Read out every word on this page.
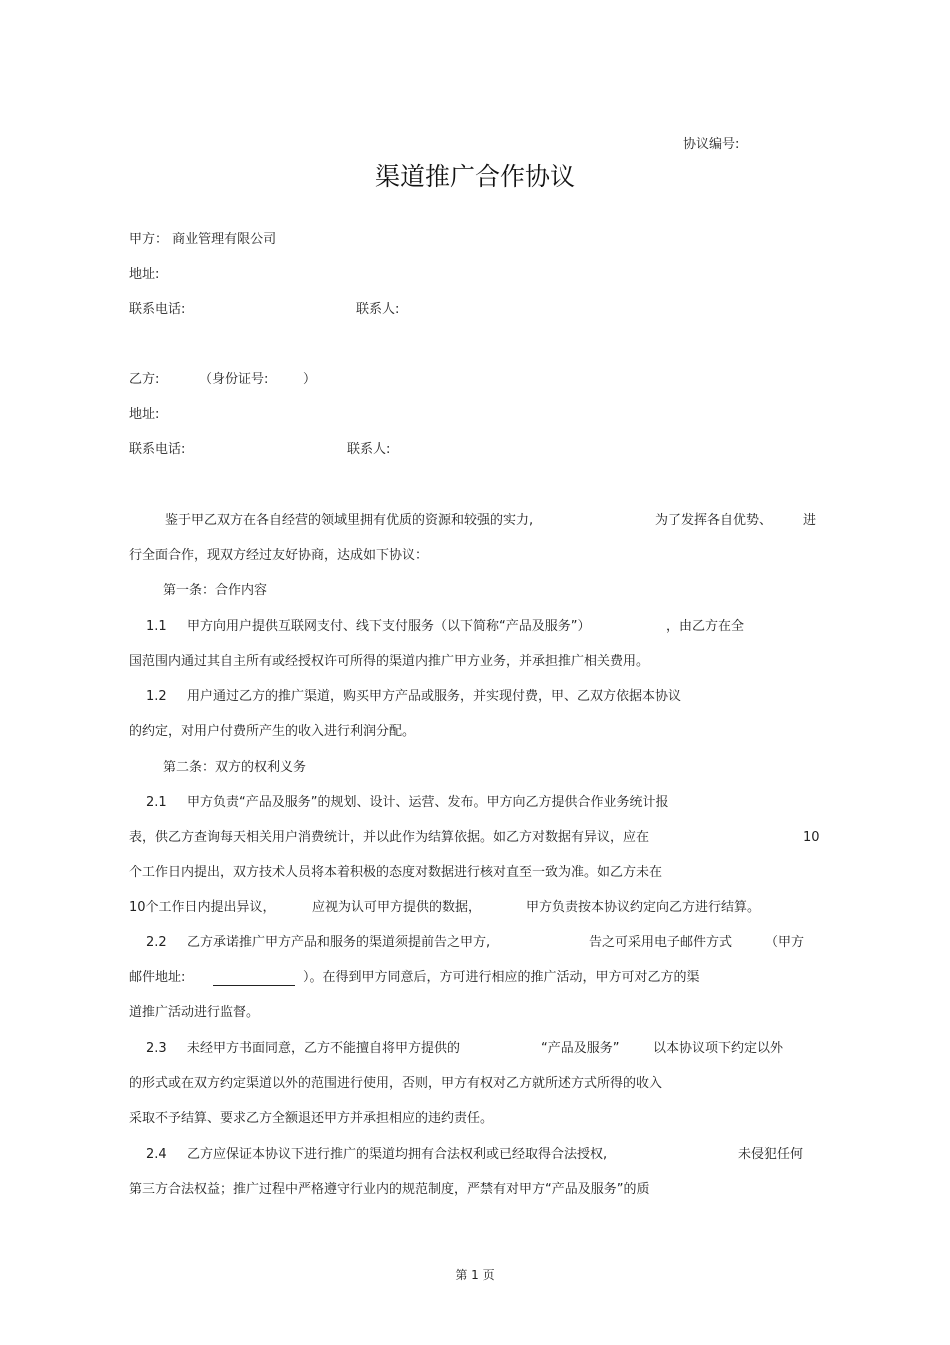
协议编号:
渠道推广合作协议
甲方： 商业管理有限公司
地址:
联系电话:	联系人:
乙方:	（身份证号:	）
地址:
联系电话:	联系人:
鉴于甲乙双方在各自经营的领域里拥有优质的资源和较强的实力,	为了发挥各自优势、 进
行全面合作，现双方经过友好协商，达成如下协议：
第一条：合作内容
1.1 甲方向用户提供互联网支付、线下支付服务（以下简称“产品及服务”）	，由乙方在全
国范围内通过其自主所有或经授权许可所得的渠道内推广甲方业务，并承担推广相关费用。
1.2 用户通过乙方的推广渠道，购买甲方产品或服务，并实现付费，甲、乙双方依据本协议
的约定，对用户付费所产生的收入进行利润分配。
第二条：双方的权利义务
2.1 甲方负责“产品及服务”的规划、设计、运营、发布。甲方向乙方提供合作业务统计报
表，供乙方查询每天相关用户消费统计，并以此作为结算依据。如乙方对数据有异议，应在	10
个工作日内提出，双方技术人员将本着积极的态度对数据进行核对直至一致为准。如乙方未在
10个工作日内提出异议，	应视为认可甲方提供的数据，	甲方负责按本协议约定向乙方进行结算。
2.2 乙方承诺推广甲方产品和服务的渠道须提前告之甲方,	告之可采用电子邮件方式	（甲方
邮件地址:	）。在得到甲方同意后，方可进行相应的推广活动，甲方可对乙方的渠
道推广活动进行监督。
2.3 未经甲方书面同意，乙方不能擅自将甲方提供的	“产品及服务”	以本协议项下约定以外
的形式或在双方约定渠道以外的范围进行使用，否则，甲方有权对乙方就所述方式所得的收入
采取不予结算、要求乙方全额退还甲方并承担相应的违约责任。
2.4 乙方应保证本协议下进行推广的渠道均拥有合法权利或已经取得合法授权,	未侵犯任何
第三方合法权益；推广过程中严格遵守行业内的规范制度，严禁有对甲方“产品及服务”的质
第 1 页
